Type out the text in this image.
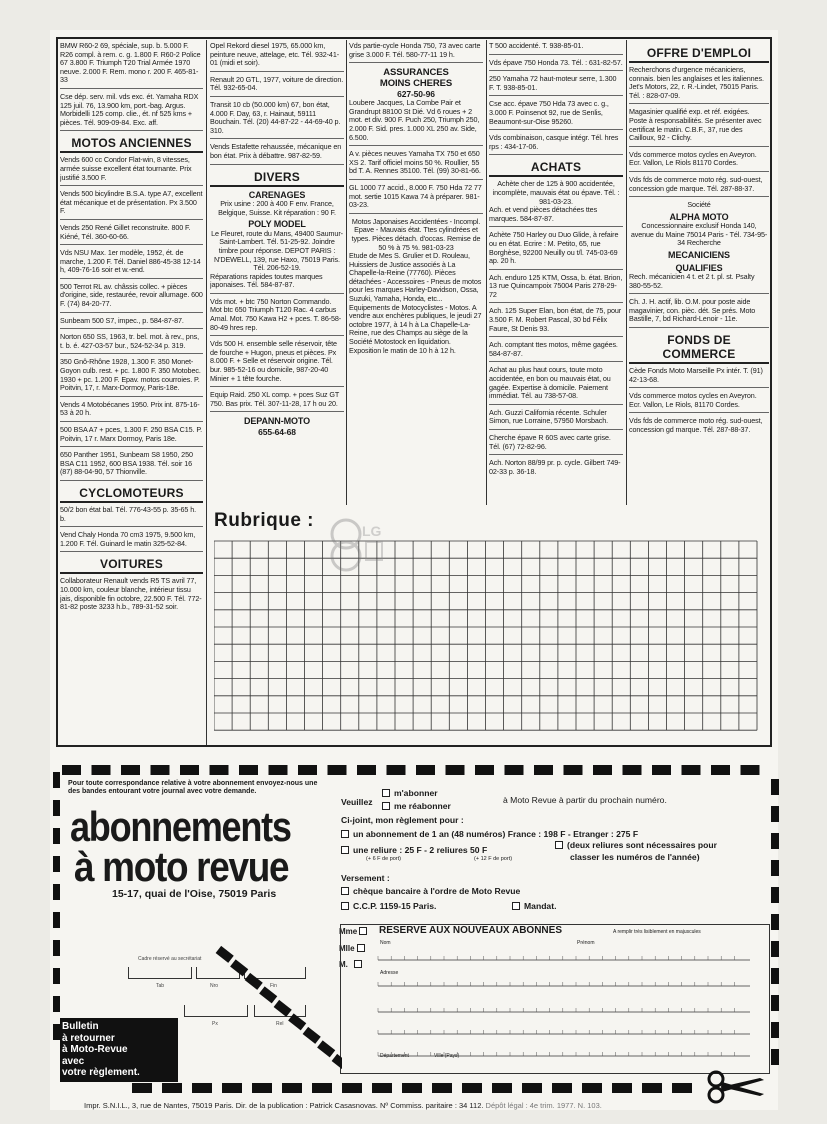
BMW R60-2 69, spéciale, sup. b. 5.000 F. R26 compl. à rem. c. g. 1.800 F. R60-2 Police 67 3.800 F. Triumph T20 Trial Armée 1970 neuve. 2.000 F. Rem. mono r. 200 F. 465-81-33
Cse dép. serv. mil. vds exc. ét. Yamaha RDX 125 juil. 76, 13.900 km, port.-bag. Argus. Morbidelli 125 comp. clie., ét. nf 525 kms + pièces. Tél. 909-09-84. Exc. aff.
MOTOS ANCIENNES
Vends 600 cc Condor Flat-win, 8 vitesses, armée suisse excellent état tournante. Prix justifié 3.500 F.
Vends 500 bicylindre B.S.A. type A7, excellent état mécanique et de présentation. Px 3.500 F.
Vends 250 René Gillet reconstruite. 800 F. Kiéné, Tél. 360-60-66.
Vds NSU Max. 1er modèle, 1952, ét. de marche, 1.200 F. Tél. Daniel 886-45-38 12-14 h, 409-76-16 soir et w.-end.
500 Terrot RL av. châssis collec. + pièces d'origine, side, restaurée, revoir allumage. 600 F. (74) 84-20-77.
Sunbeam 500 S7, impec., p. 584-87-87.
Norton 650 SS, 1963, tr. bel. mot. à rev., pns, t. b. é. 427-03-57 bur., 524-52-34 p. 319.
350 Gnô-Rhône 1928, 1.300 F. 350 Monet-Goyon culb. rest. + pc. 1.800 F. 350 Motobec. 1930 + pc. 1.200 F. Epav. motos courroies. P. Poitvin, 17, r. Marx-Dormoy, Paris-18e.
Vends 4 Motobécanes 1950. Prix int. 875-16-53 à 20 h.
500 BSA A7 + pces, 1.300 F. 250 BSA C15. P. Poitvin, 17 r. Marx Dormoy, Paris 18e.
650 Panther 1951, Sunbeam S8 1950, 250 BSA C11 1952, 600 BSA 1938. Tél. soir 16 (87) 88-04-90, 57 Thionville.
CYCLOMOTEURS
50/2 bon état bal. Tél. 776-43-55 p. 35-65 h. b.
Vend Chaly Honda 70 cm3 1975, 9.500 km, 1.200 F. Tél. Guinard le matin 325-52-84.
VOITURES
Collaborateur Renault vends R5 TS avril 77, 10.000 km, couleur blanche, intérieur tissu jais, disponible fin octobre, 22.500 F. Tél. 772-81-82 poste 3233 h.b., 789-31-52 soir.
Opel Rekord diesel 1975, 65.000 km, peinture neuve, attelage, etc. Tél. 932-41-01 (midi et soir).
Renault 20 GTL, 1977, voiture de direction. Tél. 932-65-04.
Transit 10 cb (50.000 km) 67, bon état, 4.000 F. Day, 63, r. Hainaut, 59111 Bouchain. Tél. (20) 44-87-22 - 44-69-40 p. 310.
Vends Estafette rehaussée, mécanique en bon état. Prix à débattre. 987-82-59.
DIVERS
CARENAGES
Prix usine : 200 à 400 F env. France, Belgique, Suisse. Kit réparation : 90 F.
POLY MODEL
Le Fleuret, route du Mans, 49400 Saumur-Saint-Lambert. Tél. 51-25-92. Joindre timbre pour réponse. DEPOT PARIS : N'DEWELL, 139, rue Haxo, 75019 Paris. Tél. 206-52-19.
Réparations rapides toutes marques japonaises. Tél. 584-87-87.
Vds mot. + btc 750 Norton Commando. Mot btc 650 Triumph T120 Rac. 4 carbus Amal. Mot. 750 Kawa H2 + pces. T. 86-58-80-49 hres rep.
Vds 500 H. ensemble selle réservoir, tête de fourche + Hugon, pneus et pièces. Px 8.000 F. + Selle et réservoir origine. Tél. bur. 985-52-16 ou domicile, 987-20-40 Minier + 1 tête fourche.
Equip Raid. 250 XL comp. + pces Suz GT 750. Bas prix. Tél. 307-11-28, 17 h ou 20.
DEPANN-MOTO
655-64-68
Vds partie-cycle Honda 750, 73 avec carte grise 3.000 F. Tél. 580-77-11 19 h.
ASSURANCES
MOINS CHERES
627-50-96
Loubere Jacques, La Combe Pair et Grandrupt 88100 St Dié. Vd 6 roues + 2 mot. et div. 900 F. Puch 250, Triumph 250, 2.000 F. Sid. pres. 1.000 XL 250 av. Side, 6.500.
A v. pièces neuves Yamaha TX 750 et 650 XS 2. Tarif officiel moins 50 %. Roullier, 55 bd T. A. Rennes 35100. Tél. (99) 30-81-66.
GL 1000 77 accid., 8.000 F. 750 Hda 72 77 mot. sertie 1015 Kawa 74 à préparer. 981-03-23.
Motos Japonaises Accidentées - Incompl. Epave - Mauvais état. Ttes cylindrées et types. Pièces détach. d'occas. Remise de 50 % à 75 %. 981-03-23
Etude de Mes S. Grulier et D. Rouleau, Huissiers de Justice associés à La Chapelle-la-Reine (77760). Pièces détachées - Accessoires - Pneus de motos pour les marques Harley-Davidson, Ossa, Suzuki, Yamaha, Honda, etc... Equipements de Motocyclistes - Motos. A vendre aux enchères publiques, le jeudi 27 octobre 1977, à 14 h à La Chapelle-La-Reine, rue des Champs au siège de la Société Motostock en liquidation. Exposition le matin de 10 h à 12 h.
T 500 accidenté. T. 938-85-01.
Vds épave 750 Honda 73. Tél. : 631-82-57.
250 Yamaha 72 haut-moteur serre, 1.300 F. T. 938-85-01.
Cse acc. épave 750 Hda 73 avec c. g., 3.000 F. Poinsenot 92, rue de Senlis, Beaumont-sur-Oise 95260.
Vds combinaison, casque intégr. Tél. hres rps : 434-17-06.
ACHATS
Achète cher de 125 à 900 accidentée, incomplète, mauvais état ou épave. Tél. : 981-03-23.
Ach. et vend pièces détachées ttes marques. 584-87-87.
Achète 750 Harley ou Duo Glide, à refaire ou en état. Ecrire : M. Petito, 65, rue Borghèse, 92200 Neuilly ou t/l. 745-03-69 ap. 20 h.
Ach. enduro 125 KTM, Ossa, b. état. Brion, 13 rue Quincampoix 75004 Paris 278-29-72
Ach. 125 Super Elan, bon état, de 75, pour 3.500 F. M. Robert Pascal, 30 bd Félix Faure, St Denis 93.
Ach. comptant ttes motos, même gagées. 584-87-87.
Achat au plus haut cours, toute moto accidentée, en bon ou mauvais état, ou gagée. Expertise à domicile. Paiement immédiat. Tél. au 738-57-08.
Ach. Guzzi California récente. Schuler Simon, rue Lorraine, 57950 Morsbach.
Cherche épave R 60S avec carte grise. Tél. (67) 72-82-96.
Ach. Norton 88/99 pr. p. cycle. Gilbert 749-02-33 p. 36-18.
OFFRE D'EMPLOI
Recherchons d'urgence mécaniciens, connais. bien les anglaises et les italiennes. Jet's Motors, 22, r. R.-Lindet, 75015 Paris. Tél. : 828-07-09.
Magasinier qualifié exp. et réf. exigées. Poste à responsabilités. Se présenter avec certificat le matin. C.B.F., 37, rue des Cailloux, 92 - Clichy.
Vds commerce motos cycles en Aveyron. Ecr. Vallon, Le Riols 81170 Cordes.
Vds fds de commerce moto rég. sud-ouest, concession gde marque. Tél. 287-88-37.
Société
ALPHA MOTO
Concessionnaire exclusif Honda 140, avenue du Maine 75014 Paris - Tél. 734-95-34 Recherche
MECANICIENS
QUALIFIES
Rech. mécanicien 4 t. et 2 t. pl. st. Psalty 380-55-52.
Ch. J. H. actif, lib. O.M. pour poste aide magavinier, con. pièc. dét. Se prés. Moto Bastille, 7, bd Richard-Lenoir - 11e.
FONDS DE COMMERCE
Cède Fonds Moto Marseille Px intér. T. (91) 42-13-68.
Vds commerce motos cycles en Aveyron. Ecr. Vallon, Le Riols, 81170 Cordes.
Vds fds de commerce moto rég. sud-ouest, concession gd marque. Tél. 287-88-37.
Rubrique :	LG
Pour toute correspondance relative à votre abonnement envoyez-nous une des bandes entourant votre journal avec votre demande.
abonnements
à moto revue
15-17, quai de l'Oise, 75019 Paris
Cadre réservé au secrétariat
Tab	Nro	Fin
Px	Rel
Bulletin
à retourner
à Moto-Revue
avec
votre règlement.
Veuillez
m'abonner
me réabonner
à Moto Revue à partir du prochain numéro.
Ci-joint, mon règlement pour :
un abonnement de 1 an (48 numéros) France : 198 F - Etranger : 275 F
une reliure : 25 F - 2 reliures 50 F
(+ 6 F de port)	(+ 12 F de port)
(deux reliures sont nécessaires pour
classer les numéros de l'année)
Versement :
chèque bancaire à l'ordre de Moto Revue
C.C.P. 1159-15 Paris.	Mandat.
Mme
Mlle
M.
RESERVE AUX NOUVEAUX ABONNES	A remplir très lisiblement en majuscules
Nom	Prénom
Adresse
Département	Ville (Pays)
Impr. S.N.I.L., 3, rue de Nantes, 75019 Paris. Dir. de la publication : Patrick Casasnovas. Nº Commiss. paritaire : 34 112. Dépôt légal : 4e trim. 1977. N. 103.
